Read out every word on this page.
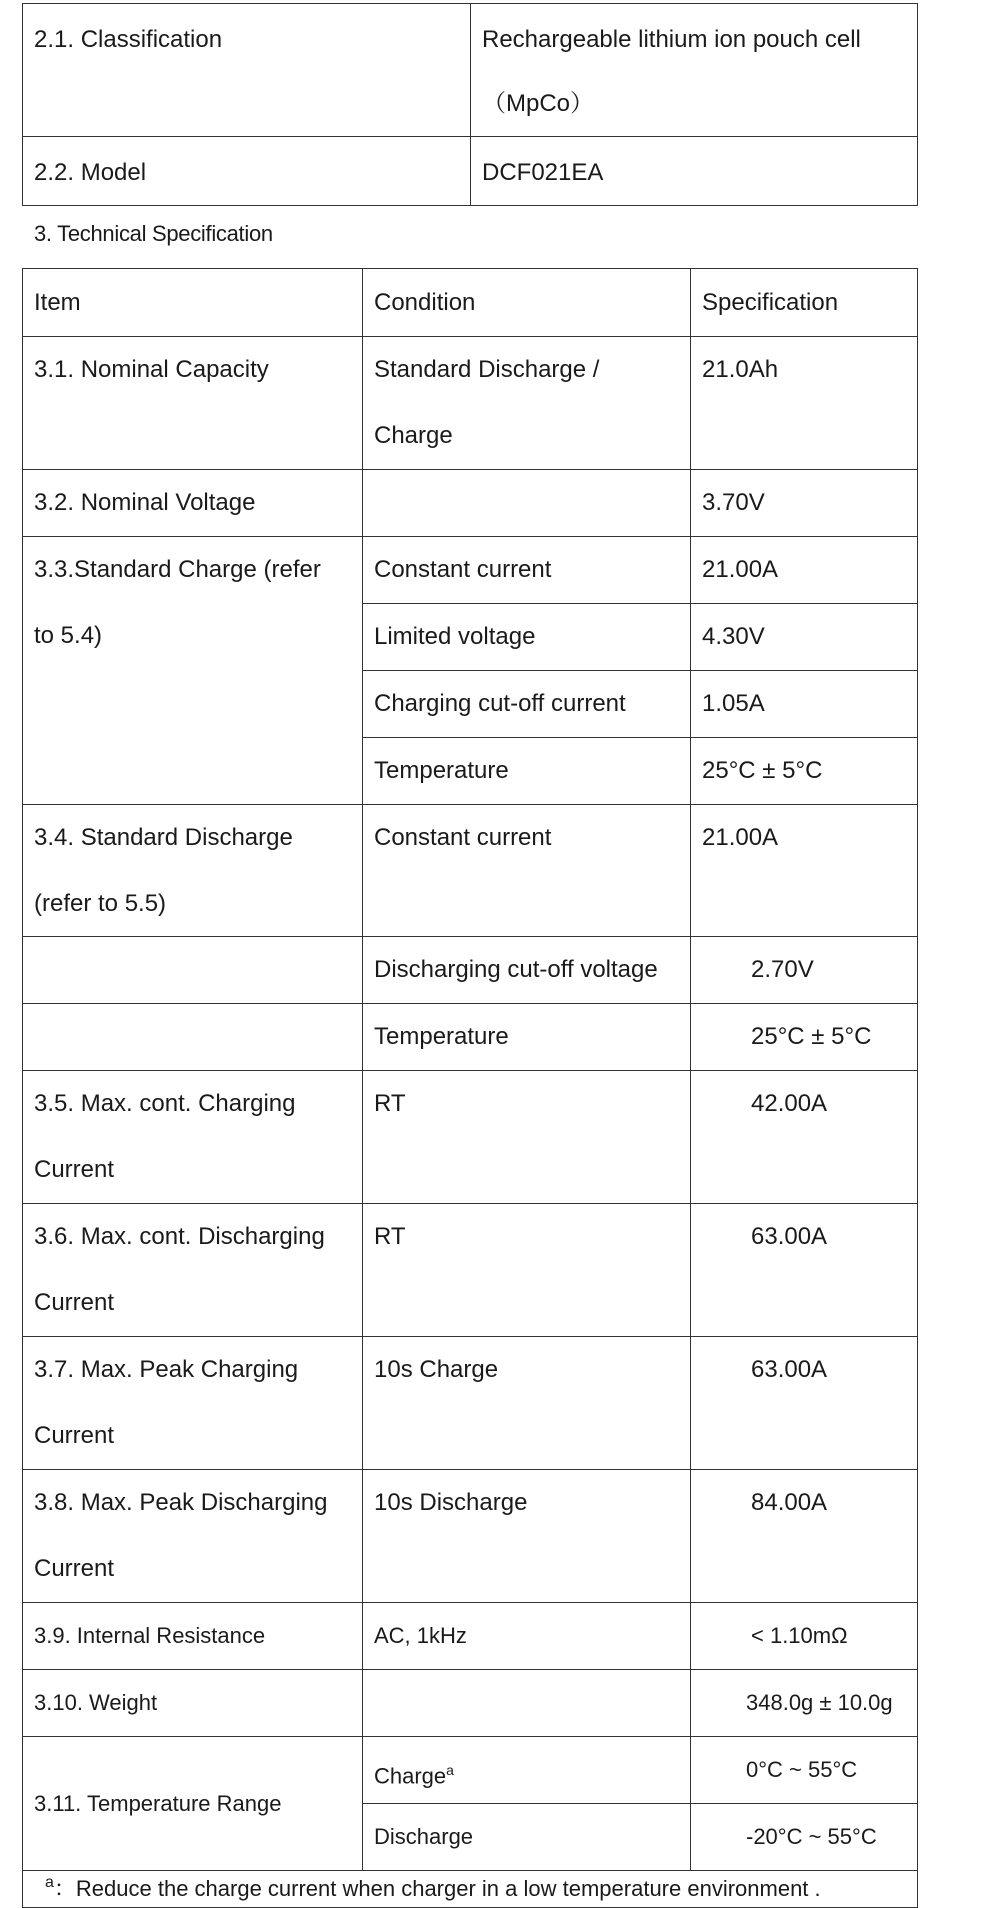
2.1. Classification	Rechargeable lithium ion pouch cell
（MpCo）

2.2. Model	DCF021EA
3. Technical Specification
Item	Condition	Specification

3.1. Nominal Capacity	Standard Discharge /
Charge	21.0Ah

3.2. Nominal Voltage		3.70V

3.3.Standard Charge (refer
to 5.4)	Constant current	21.00A

	Limited voltage	4.30V

	Charging cut-off current	1.05A

	Temperature	25°C ± 5°C

3.4. Standard Discharge
(refer to 5.5)	Constant current	21.00A

	Discharging cut-off voltage	2.70V

	Temperature	25°C ± 5°C

3.5. Max. cont. Charging
Current	RT	42.00A

3.6. Max. cont. Discharging
Current	RT	63.00A

3.7. Max. Peak Charging
Current	10s Charge	63.00A

3.8. Max. Peak Discharging
Current	10s Discharge	84.00A

3.9. Internal Resistance	AC, 1kHz	< 1.10mΩ

3.10. Weight		348.0g ± 10.0g

3.11. Temperature Range	Charge$^a$	0°C ~ 55°C

	Discharge	-20°C ~ 55°C

$^a$：Reduce the charge current when charger in a low temperature environment .		
